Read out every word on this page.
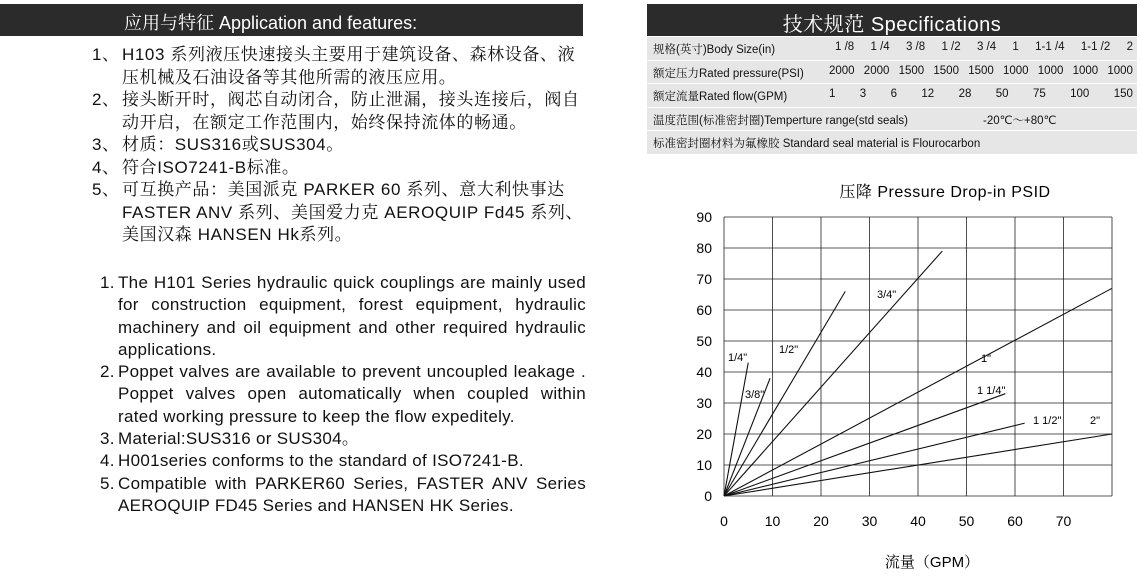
应用与特征 Application and features:
1、 H103 系列液压快速接头主要用于建筑设备、森林设备、液压机械及石油设备等其他所需的液压应用。
2、 接头断开时，阀芯自动闭合，防止泄漏，接头连接后，阀自动开启，在额定工作范围内，始终保持流体的畅通。
3、 材质：SUS316或SUS304。
4、 符合ISO7241-B标准。
5、 可互换产品：美国派克 PARKER 60 系列、意大利快事达 FASTER ANV 系列、美国爱力克 AEROQUIP Fd45 系列、美国汉森 HANSEN Hk系列。
1. The H101 Series hydraulic quick couplings are mainly used for construction equipment, forest equipment, hydraulic machinery and oil equipment and other required hydraulic applications.
2. Poppet valves are available to prevent uncoupled leakage . Poppet valves open automatically when coupled within rated working pressure to keep the flow expeditely.
3. Material:SUS316 or SUS304。
4. H001series conforms to the standard of ISO7241-B.
5. Compatible with PARKER60 Series, FASTER ANV Series AEROQUIP FD45 Series and HANSEN HK Series.
技术规范 Specifications
规格(英寸)Body Size(in)	1 /8 1 /4 3 /8 1 /2 3 /4 1 1-1 /4 1-1 /2 2
额定压力Rated pressure(PSI) 2000 2000 1500 1500 1500 1000 1000 1000 1000
额定流量Rated flow(GPM)	1 3 6 12 28 50 75 100 150
温度范围(标准密封圈)Temperture range(std seals)	-20℃～+80℃
标准密封圈材料为氟橡胶 Standard seal material is Flourocarbon
0	10 20 30 40 50 60 70
0
10
20
30
40
50
60
70
80
90
1/4"
3/8"
1/2"
3/4"
1"
1 1/4"
1 1/2"	2"
压降 Pressure Drop-in PSID
流量（GPM）
